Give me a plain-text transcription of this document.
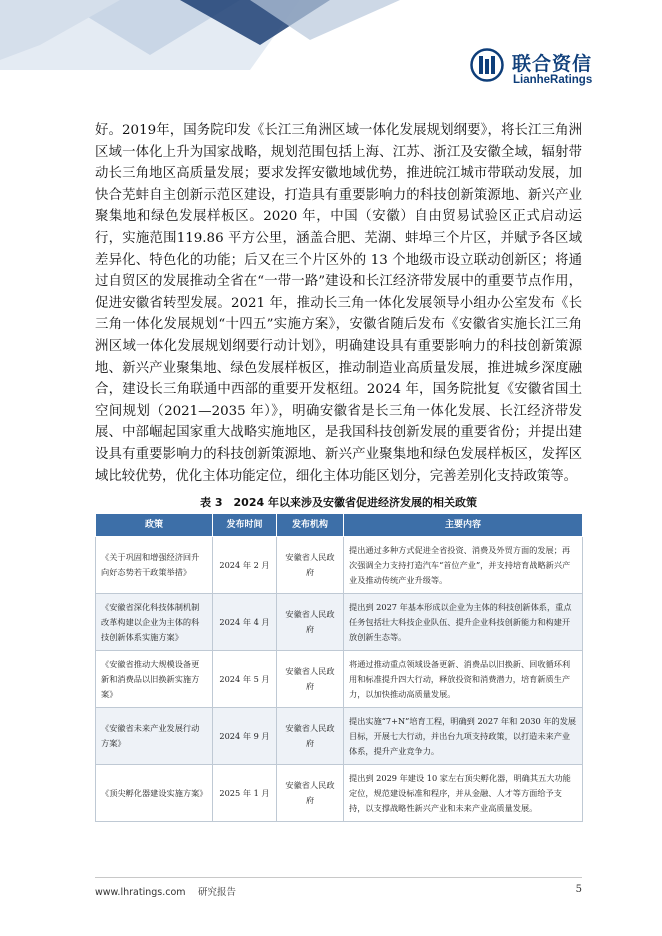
联合资信
LianheRatings

好。2019年，国务院印发《长江三角洲区域一体化发展规划纲要》，将长江三角洲区域一体化上升为国家战略，规划范围包括上海、江苏、浙江及安徽全域，辐射带动长三角地区高质量发展；要求发挥安徽地域优势，推进皖江城市带联动发展，加快合芜蚌自主创新示范区建设，打造具有重要影响力的科技创新策源地、新兴产业聚集地和绿色发展样板区。2020 年，中国（安徽）自由贸易试验区正式启动运行，实施范围119.86 平方公里，涵盖合肥、芜湖、蚌埠三个片区，并赋予各区域差异化、特色化的功能；后又在三个片区外的 13 个地级市设立联动创新区；将通过自贸区的发展推动全省在“一带一路”建设和长江经济带发展中的重要节点作用，促进安徽省转型发展。2021 年，推动长三角一体化发展领导小组办公室发布《长三角一体化发展规划“十四五”实施方案》，安徽省随后发布《安徽省实施长江三角洲区域一体化发展规划纲要行动计划》，明确建设具有重要影响力的科技创新策源地、新兴产业聚集地、绿色发展样板区，推动制造业高质量发展，推进城乡深度融合，建设长三角联通中西部的重要开发枢纽。2024 年，国务院批复《安徽省国土空间规划（2021—2035 年）》，明确安徽省是长三角一体化发展、长江经济带发展、中部崛起国家重大战略实施地区，是我国科技创新发展的重要省份；并提出建设具有重要影响力的科技创新策源地、新兴产业聚集地和绿色发展样板区，发挥区域比较优势，优化主体功能定位，细化主体功能区划分，完善差别化支持政策等。

表 3　2024 年以来涉及安徽省促进经济发展的相关政策
政策	发布时间	发布机构	主要内容
《关于巩固和增强经济回升向好态势若干政策举措》	2024 年 2 月	安徽省人民政府	提出通过多种方式促进全省投资、消费及外贸方面的发展；再次强调全力支持打造汽车“首位产业”，并支持培育战略新兴产业及推动传统产业升级等。
《安徽省深化科技体制机制改革构建以企业为主体的科技创新体系实施方案》	2024 年 4 月	安徽省人民政府	提出到 2027 年基本形成以企业为主体的科技创新体系，重点任务包括壮大科技企业队伍、提升企业科技创新能力和构建开放创新生态等。
《安徽省推动大规模设备更新和消费品以旧换新实施方案》	2024 年 5 月	安徽省人民政府	将通过推动重点领域设备更新、消费品以旧换新、回收循环利用和标准提升四大行动，释放投资和消费潜力，培育新质生产力，以加快推动高质量发展。
《安徽省未来产业发展行动方案》	2024 年 9 月	安徽省人民政府	提出实施“7+N”培育工程，明确到 2027 年和 2030 年的发展目标，开展七大行动，并出台九项支持政策，以打造未来产业体系，提升产业竞争力。
《顶尖孵化器建设实施方案》	2025 年 1 月	安徽省人民政府	提出到 2029 年建设 10 家左右顶尖孵化器，明确其五大功能定位，规范建设标准和程序，并从金融、人才等方面给予支持，以支撑战略性新兴产业和未来产业高质量发展。
www.lhratings.com　 研究报告	5
